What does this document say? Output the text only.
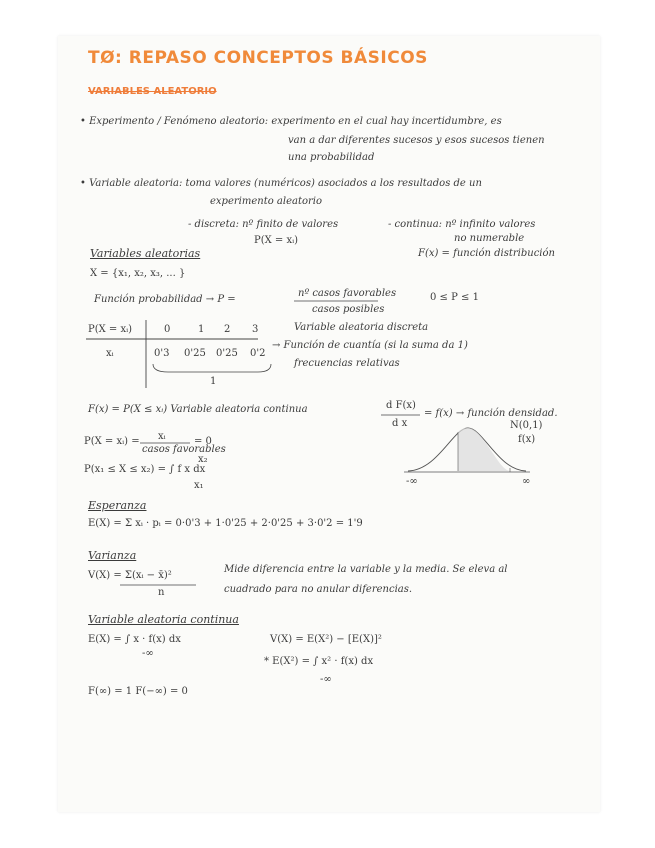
TØ: REPASO CONCEPTOS BÁSICOS
VARIABLES ALEATORIO
• Experimento / Fenómeno aleatorio: experimento en el cual hay incertidumbre, es
van a dar diferentes sucesos y esos sucesos tienen
una probabilidad
• Variable aleatoria: toma valores (numéricos) asociados a los resultados de un
experimento aleatorio
- discreta: nº finito de valores
P(X = xᵢ)
- continua: nº infinito valores
no numerable
F(x) = función distribución
Variables aleatorias
X = {x₁, x₂, x₃, ... }
Función probabilidad → P =
nº casos favorables
casos posibles
0 ≤ P ≤ 1
P(X = xᵢ)	0	1 2 3
xᵢ	0'3 0'25 0'25 0'2
1
Variable aleatoria discreta
→ Función de cuantía (si la suma da 1)
frecuencias relativas
F(x) = P(X ≤ xᵢ) Variable aleatoria continua	d F(x)
d x
= f(x) → función densidad.
N(0,1)
f(x)
-∞	∞
P(X = xᵢ) = xᵢ
casos favorables
= 0
P(x₁ ≤ X ≤ x₂) = ∫ f x dx
x₂
x₁
Esperanza
E(X) = Σ xᵢ · pᵢ = 0·0'3 + 1·0'25 + 2·0'25 + 3·0'2 = 1'9
Varianza
V(X) = Σ(xᵢ − x̄)²
n
Mide diferencia entre la variable y la media. Se eleva al
cuadrado para no anular diferencias.
Variable aleatoria continua
E(X) = ∫ x · f(x) dx
-∞
V(X) = E(X²) − [E(X)]²
* E(X²) = ∫ x² · f(x) dx
-∞
F(∞) = 1 F(−∞) = 0
